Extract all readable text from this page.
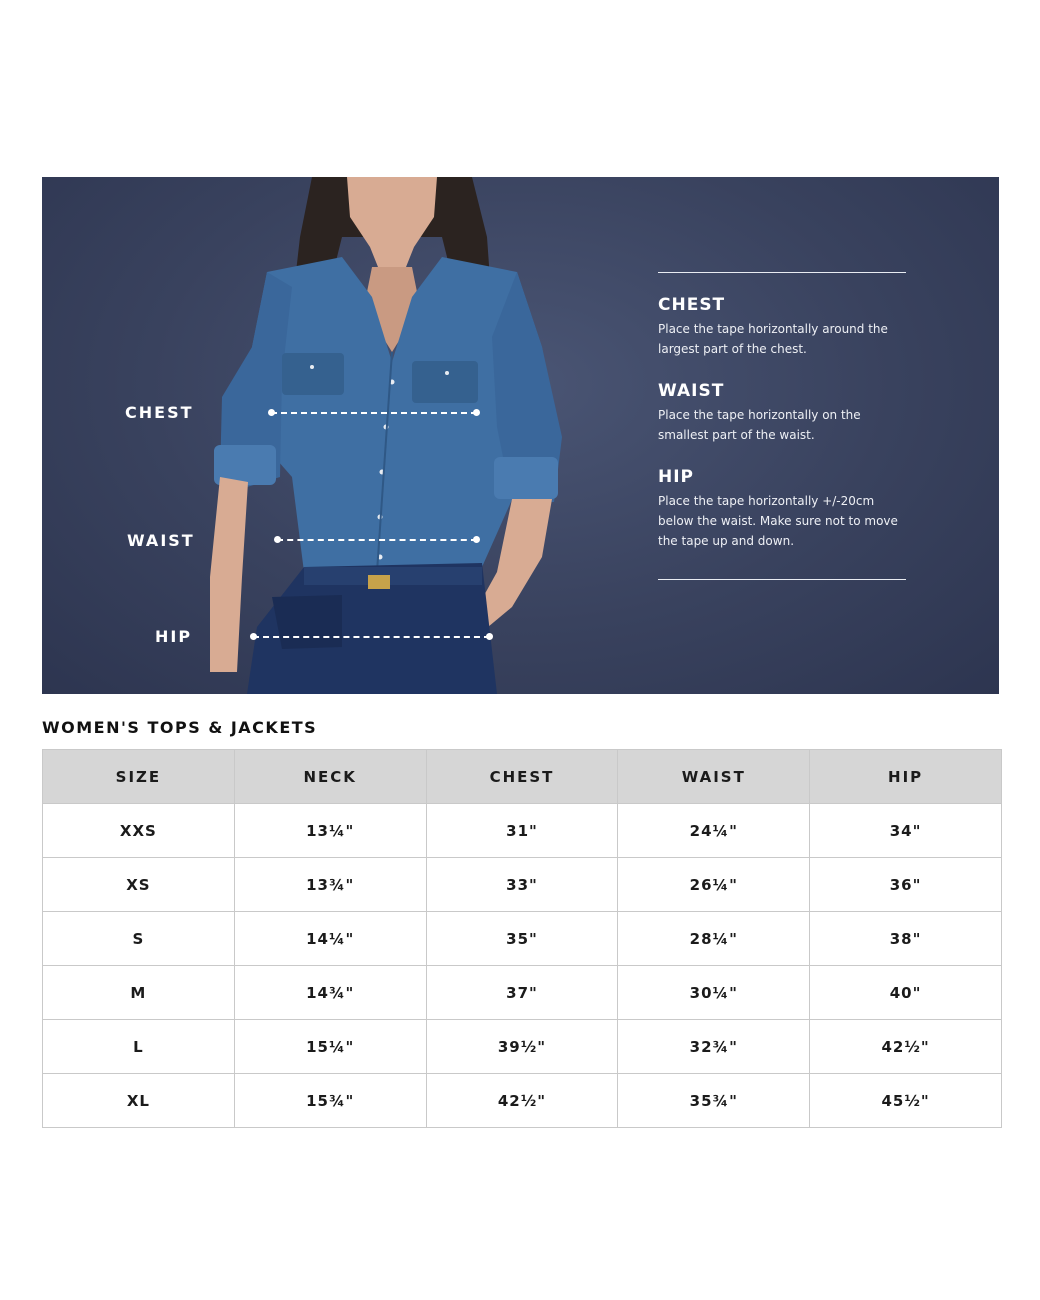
CHEST
WAIST
HIP
CHEST
Place the tape horizontally around the largest part of the chest.
WAIST
Place the tape horizontally on the smallest part of the waist.
HIP
Place the tape horizontally +/-20cm below the waist. Make sure not to move the tape up and down.
WOMEN'S TOPS & JACKETS
SIZE	NECK	CHEST	WAIST	HIP
XXS	13¼"	31"	24¼"	34"
XS	13¾"	33"	26¼"	36"
S	14¼"	35"	28¼"	38"
M	14¾"	37"	30¼"	40"
L	15¼"	39½"	32¾"	42½"
XL	15¾"	42½"	35¾"	45½"
